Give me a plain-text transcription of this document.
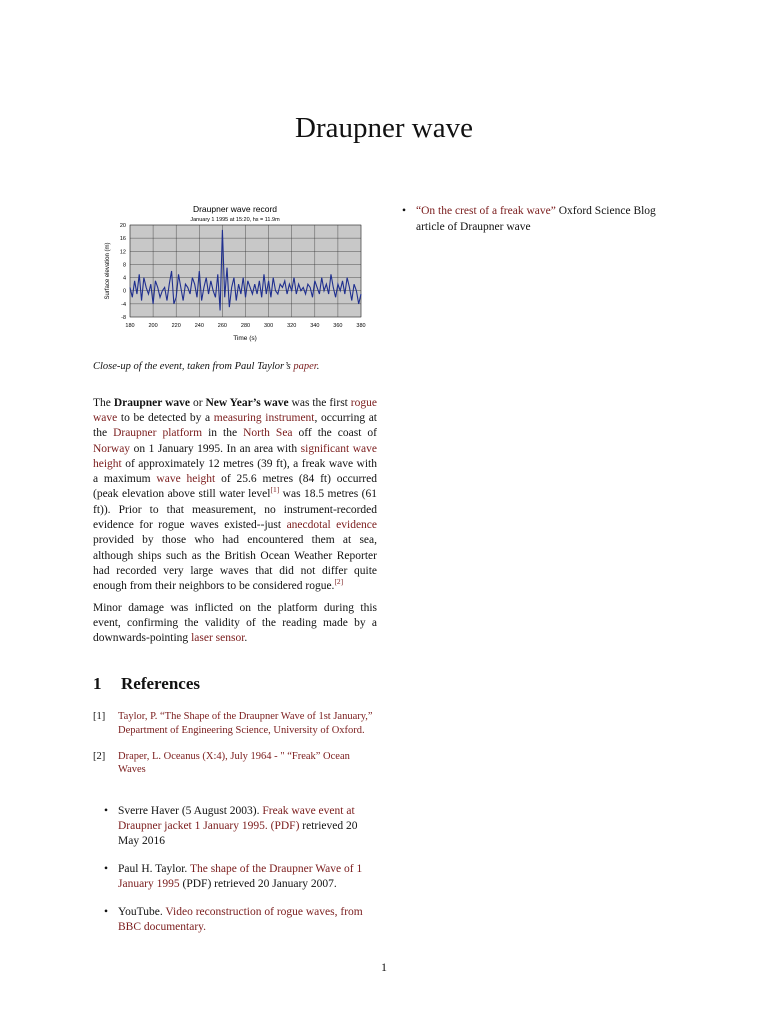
Draupner wave
Draupner wave record
January 1 1995 at 15:20, hs = 11.9m
-8
-4
0
4
8
12
16
20
180	200	220	240	260	280	300	320	340	360	380
Time (s)
Surface elevation (m)
Close-up of the event, taken from Paul Taylor’s paper.

The Draupner wave or New Year’s wave was the first rogue wave to be detected by a measuring instrument, occurring at the Draupner platform in the North Sea off the coast of Norway on 1 January 1995. In an area with significant wave height of approximately 12 metres (39 ft), a freak wave with a maximum wave height of 25.6 metres (84 ft) occurred (peak elevation above still water level[1] was 18.5 metres (61 ft)). Prior to that measurement, no instrument-recorded evidence for rogue waves existed--just anecdotal evidence provided by those who had encountered them at sea, although ships such as the British Ocean Weather Reporter had recorded very large waves that did not differ quite enough from their neighbors to be considered rogue.[2]

Minor damage was inflicted on the platform during this event, confirming the validity of the reading made by a downwards-pointing laser sensor.

1 References
[1]	Taylor, P. “The Shape of the Draupner Wave of 1st January,” Department of Engineering Science, University of Oxford.
[2]	Draper, L. Oceanus (X:4), July 1964 - " “Freak” Ocean Waves
• Sverre Haver (5 August 2003). Freak wave event at Draupner jacket 1 January 1995. (PDF) retrieved 20 May 2016
• Paul H. Taylor. The shape of the Draupner Wave of 1 January 1995 (PDF) retrieved 20 January 2007.
• YouTube. Video reconstruction of rogue waves, from BBC documentary.
• “On the crest of a freak wave” Oxford Science Blog article of Draupner wave
1
